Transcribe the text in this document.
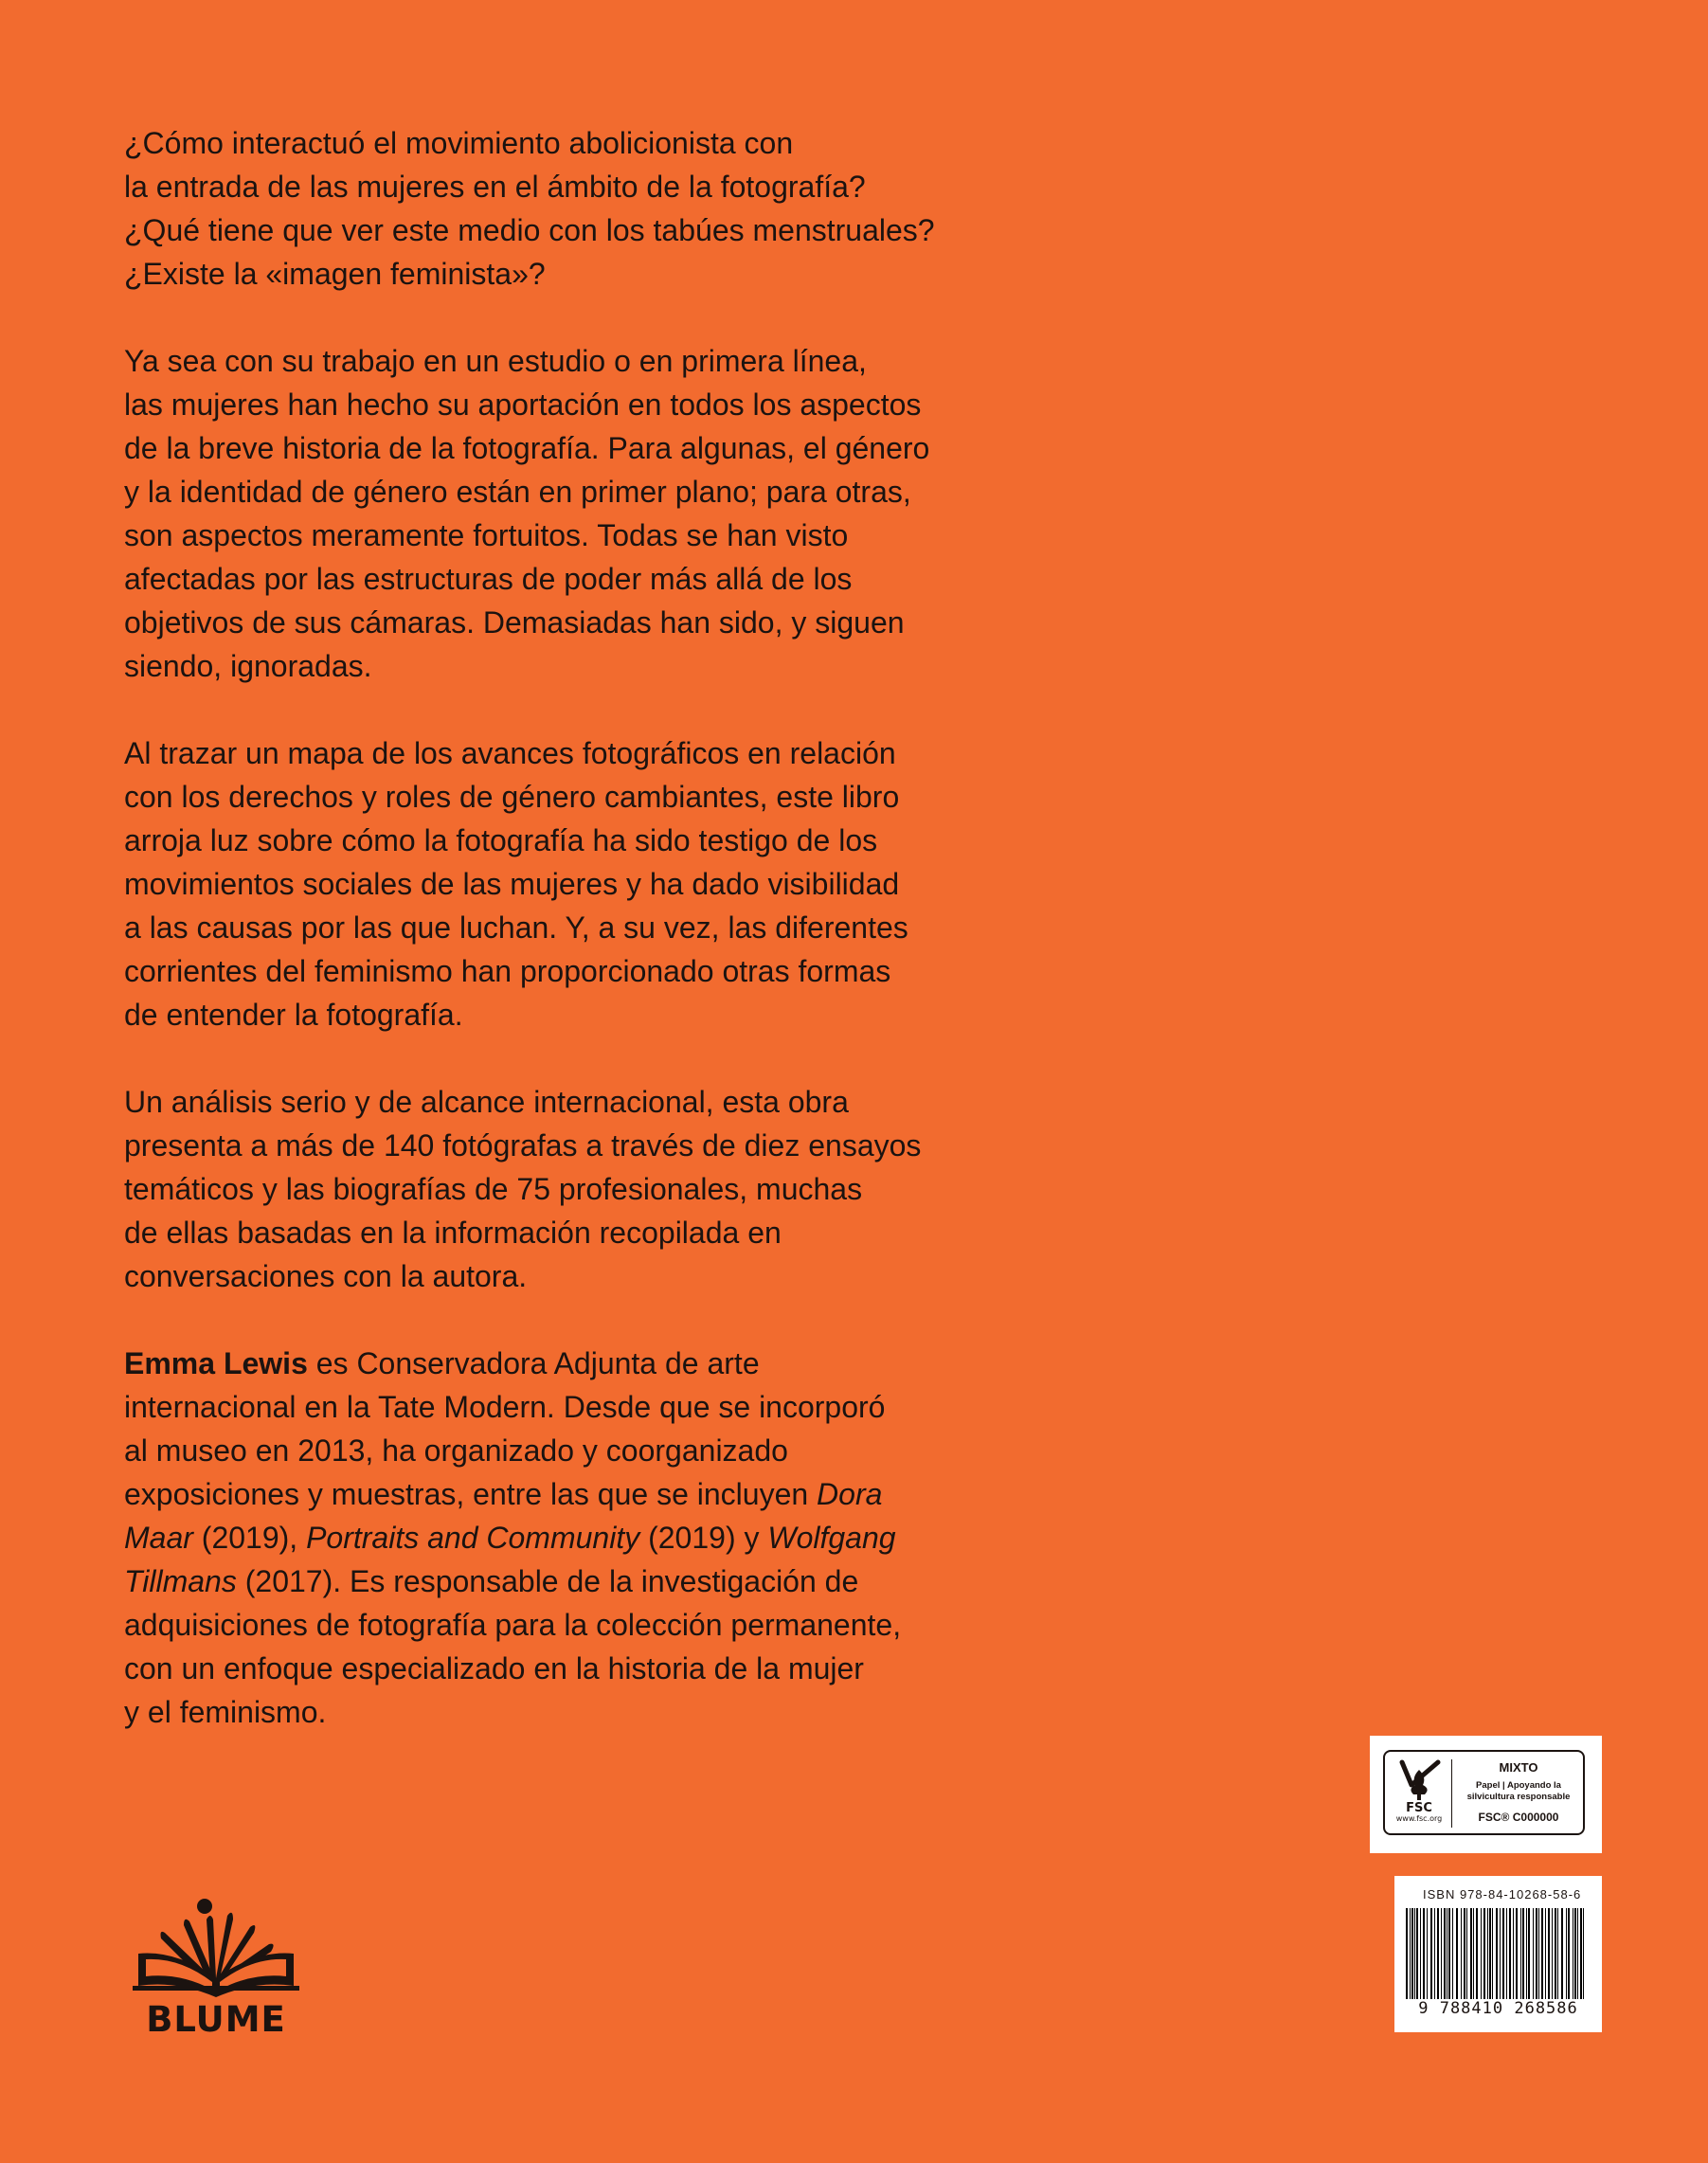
¿Cómo interactuó el movimiento abolicionista con
la entrada de las mujeres en el ámbito de la fotografía?
¿Qué tiene que ver este medio con los tabúes menstruales?
¿Existe la «imagen feminista»?

Ya sea con su trabajo en un estudio o en primera línea,
las mujeres han hecho su aportación en todos los aspectos
de la breve historia de la fotografía. Para algunas, el género
y la identidad de género están en primer plano; para otras,
son aspectos meramente fortuitos. Todas se han visto
afectadas por las estructuras de poder más allá de los
objetivos de sus cámaras. Demasiadas han sido, y siguen
siendo, ignoradas.

Al trazar un mapa de los avances fotográficos en relación
con los derechos y roles de género cambiantes, este libro
arroja luz sobre cómo la fotografía ha sido testigo de los
movimientos sociales de las mujeres y ha dado visibilidad
a las causas por las que luchan. Y, a su vez, las diferentes
corrientes del feminismo han proporcionado otras formas
de entender la fotografía.

Un análisis serio y de alcance internacional, esta obra
presenta a más de 140 fotógrafas a través de diez ensayos
temáticos y las biografías de 75 profesionales, muchas
de ellas basadas en la información recopilada en
conversaciones con la autora.

Emma Lewis es Conservadora Adjunta de arte
internacional en la Tate Modern. Desde que se incorporó
al museo en 2013, ha organizado y coorganizado
exposiciones y muestras, entre las que se incluyen Dora
Maar (2019), Portraits and Community (2019) y Wolfgang
Tillmans (2017). Es responsable de la investigación de
adquisiciones de fotografía para la colección permanente,
con un enfoque especializado en la historia de la mujer
y el feminismo.

FSC
www.fsc.org
MIXTO
Papel | Apoyando la
silvicultura responsable
FSC® C000000
ISBN 978-84-10268-58-6
9 788410 268586
BLUME
